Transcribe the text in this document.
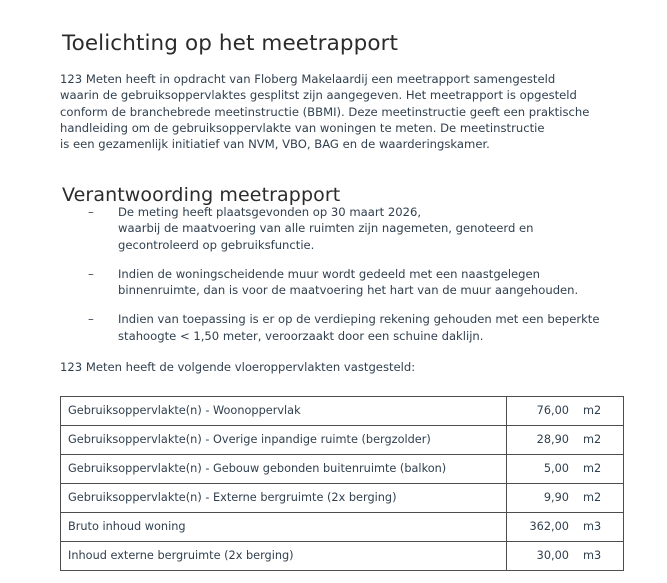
Toelichting op het meetrapport
123 Meten heeft in opdracht van Floberg Makelaardij een meetrapport samengesteld
waarin de gebruiksoppervlaktes gesplitst zijn aangegeven. Het meetrapport is opgesteld
conform de branchebrede meetinstructie (BBMI). Deze meetinstructie geeft een praktische
handleiding om de gebruiksoppervlakte van woningen te meten. De meetinstructie
is een gezamenlijk initiatief van NVM, VBO, BAG en de waarderingskamer.
Verantwoording meetrapport
– De meting heeft plaatsgevonden op 30 maart 2026,
waarbij de maatvoering van alle ruimten zijn nagemeten, genoteerd en
gecontroleerd op gebruiksfunctie.
– Indien de woningscheidende muur wordt gedeeld met een naastgelegen
binnenruimte, dan is voor de maatvoering het hart van de muur aangehouden.
– Indien van toepassing is er op de verdieping rekening gehouden met een beperkte
stahoogte < 1,50 meter, veroorzaakt door een schuine daklijn.
123 Meten heeft de volgende vloeroppervlakten vastgesteld:
Gebruiksoppervlakte(n) - Woonoppervlak	76,00	m2
Gebruiksoppervlakte(n) - Overige inpandige ruimte (bergzolder)	28,90	m2
Gebruiksoppervlakte(n) - Gebouw gebonden buitenruimte (balkon)	5,00	m2
Gebruiksoppervlakte(n) - Externe bergruimte (2x berging)	9,90	m2
Bruto inhoud woning	362,00	m3
Inhoud externe bergruimte (2x berging)	30,00	m3
